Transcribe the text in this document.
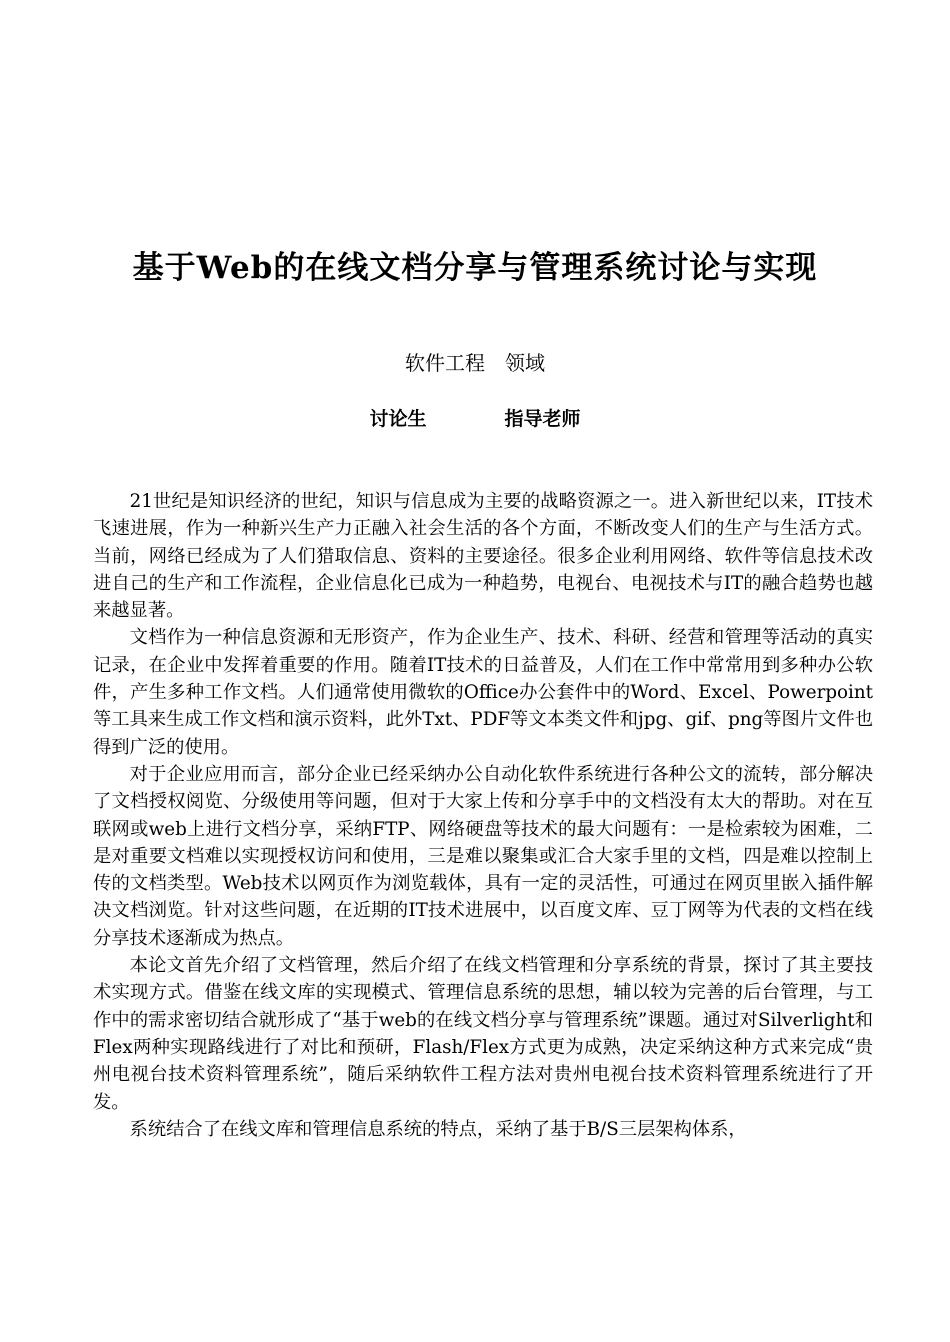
基于Web的在线文档分享与管理系统讨论与实现

软件工程　领域

讨论生	指导老师

21世纪是知识经济的世纪，知识与信息成为主要的战略资源之一。进入新世纪以来，IT技术飞速进展，作为一种新兴生产力正融入社会生活的各个方面，不断改变人们的生产与生活方式。当前，网络已经成为了人们猎取信息、资料的主要途径。很多企业利用网络、软件等信息技术改进自己的生产和工作流程，企业信息化已成为一种趋势，电视台、电视技术与IT的融合趋势也越来越显著。

文档作为一种信息资源和无形资产，作为企业生产、技术、科研、经营和管理等活动的真实记录，在企业中发挥着重要的作用。随着IT技术的日益普及，人们在工作中常常用到多种办公软件，产生多种工作文档。人们通常使用微软的Office办公套件中的Word、Excel、Powerpoint等工具来生成工作文档和演示资料，此外Txt、PDF等文本类文件和jpg、gif、png等图片文件也得到广泛的使用。

对于企业应用而言，部分企业已经采纳办公自动化软件系统进行各种公文的流转，部分解决了文档授权阅览、分级使用等问题，但对于大家上传和分享手中的文档没有太大的帮助。对在互联网或web上进行文档分享，采纳FTP、网络硬盘等技术的最大问题有：一是检索较为困难，二是对重要文档难以实现授权访问和使用，三是难以聚集或汇合大家手里的文档，四是难以控制上传的文档类型。Web技术以网页作为浏览载体，具有一定的灵活性，可通过在网页里嵌入插件解决文档浏览。针对这些问题，在近期的IT技术进展中，以百度文库、豆丁网等为代表的文档在线分享技术逐渐成为热点。

本论文首先介绍了文档管理，然后介绍了在线文档管理和分享系统的背景，探讨了其主要技术实现方式。借鉴在线文库的实现模式、管理信息系统的思想，辅以较为完善的后台管理，与工作中的需求密切结合就形成了“基于web的在线文档分享与管理系统”课题。通过对Silverlight和Flex两种实现路线进行了对比和预研，Flash/Flex方式更为成熟，决定采纳这种方式来完成“贵州电视台技术资料管理系统”，随后采纳软件工程方法对贵州电视台技术资料管理系统进行了开发。

系统结合了在线文库和管理信息系统的特点，采纳了基于B/S三层架构体系，
